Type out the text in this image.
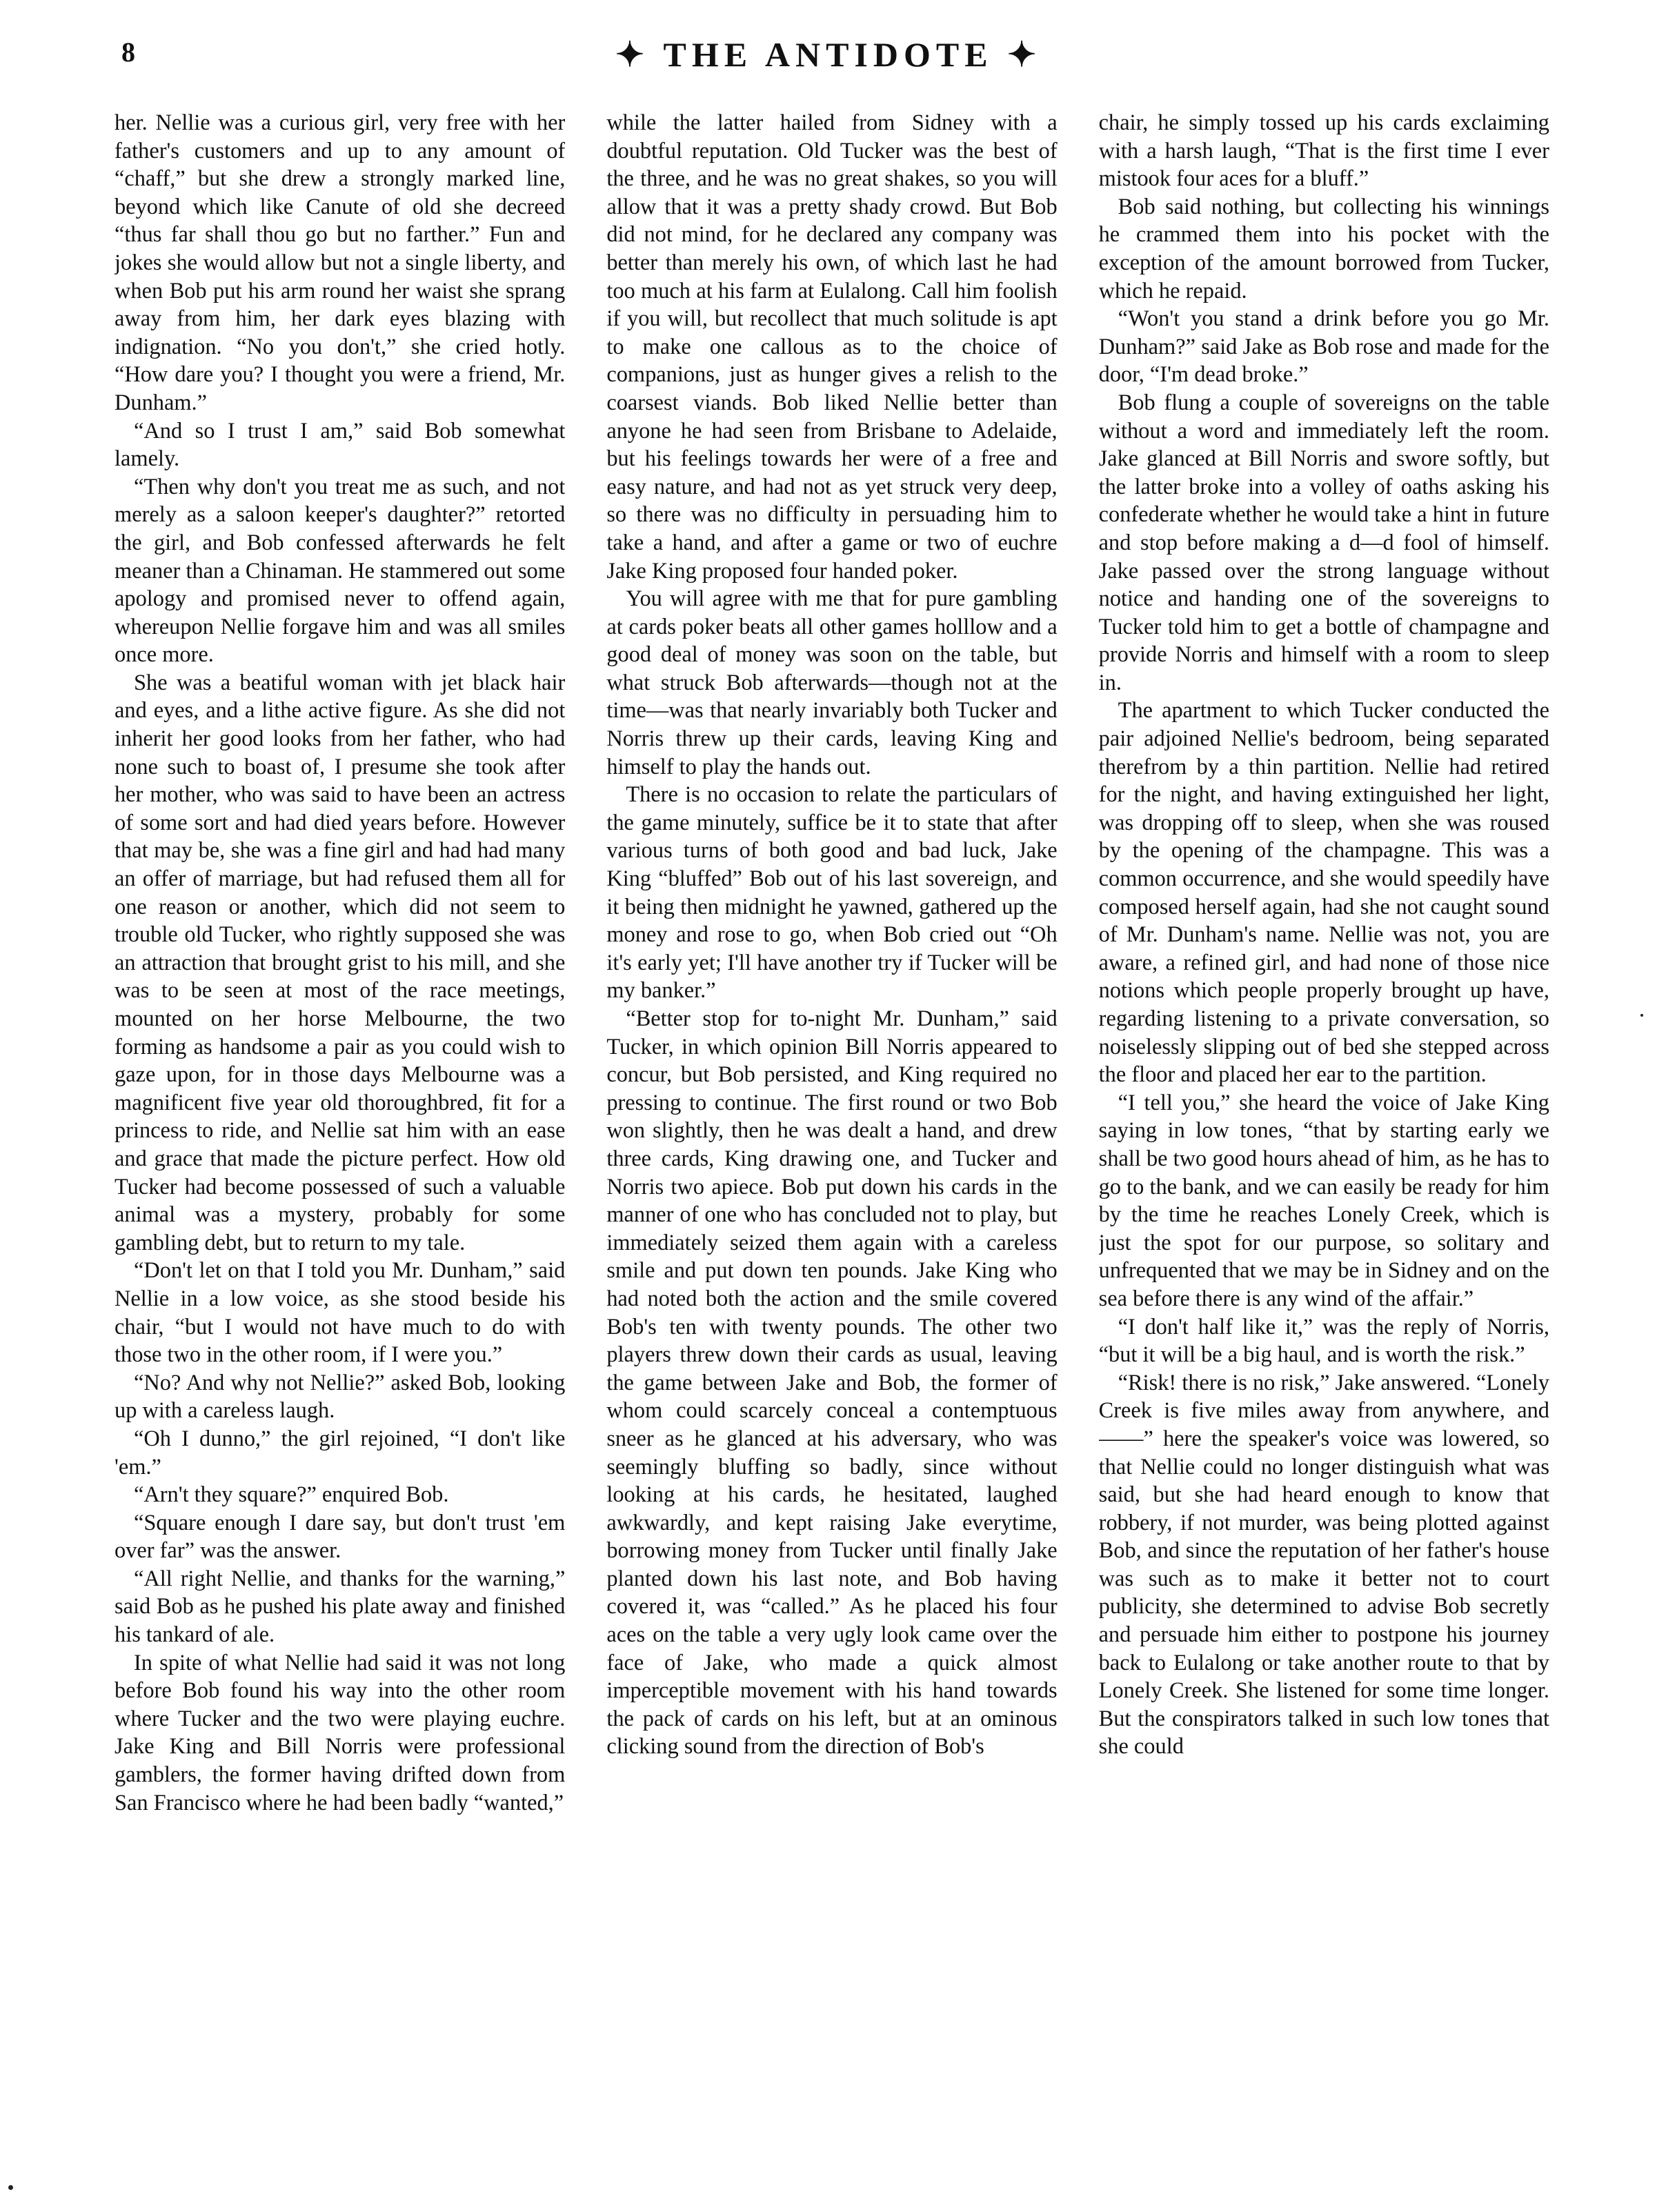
8	✦ THE ANTIDOTE ✦

her. Nellie was a curious girl, very free with her father's customers and up to any amount of “chaff,” but she drew a strongly marked line, beyond which like Canute of old she decreed “thus far shall thou go but no farther.” Fun and jokes she would allow but not a single liberty, and when Bob put his arm round her waist she sprang away from him, her dark eyes blazing with indignation. “No you don't,” she cried hotly. “How dare you? I thought you were a friend, Mr. Dunham.”

“And so I trust I am,” said Bob somewhat lamely.

“Then why don't you treat me as such, and not merely as a saloon keeper's daughter?” retorted the girl, and Bob confessed afterwards he felt meaner than a Chinaman. He stammered out some apology and promised never to offend again, whereupon Nellie forgave him and was all smiles once more.

She was a beatiful woman with jet black hair and eyes, and a lithe active figure. As she did not inherit her good looks from her father, who had none such to boast of, I presume she took after her mother, who was said to have been an actress of some sort and had died years before. However that may be, she was a fine girl and had had many an offer of marriage, but had refused them all for one reason or another, which did not seem to trouble old Tucker, who rightly supposed she was an attraction that brought grist to his mill, and she was to be seen at most of the race meetings, mounted on her horse Melbourne, the two forming as handsome a pair as you could wish to gaze upon, for in those days Melbourne was a magnificent five year old thoroughbred, fit for a princess to ride, and Nellie sat him with an ease and grace that made the picture perfect. How old Tucker had become possessed of such a valuable animal was a mystery, probably for some gambling debt, but to return to my tale.

“Don't let on that I told you Mr. Dunham,” said Nellie in a low voice, as she stood beside his chair, “but I would not have much to do with those two in the other room, if I were you.”

“No? And why not Nellie?” asked Bob, looking up with a careless laugh.

“Oh I dunno,” the girl rejoined, “I don't like 'em.”

“Arn't they square?” enquired Bob.

“Square enough I dare say, but don't trust 'em over far” was the answer.

“All right Nellie, and thanks for the warning,” said Bob as he pushed his plate away and finished his tankard of ale.

In spite of what Nellie had said it was not long before Bob found his way into the other room where Tucker and the two were playing euchre. Jake King and Bill Norris were professional gamblers, the former having drifted down from San Francisco where he had been badly “wanted,”

while the latter hailed from Sidney with a doubtful reputation. Old Tucker was the best of the three, and he was no great shakes, so you will allow that it was a pretty shady crowd. But Bob did not mind, for he declared any company was better than merely his own, of which last he had too much at his farm at Eulalong. Call him foolish if you will, but recollect that much solitude is apt to make one callous as to the choice of companions, just as hunger gives a relish to the coarsest viands. Bob liked Nellie better than anyone he had seen from Brisbane to Adelaide, but his feelings towards her were of a free and easy nature, and had not as yet struck very deep, so there was no difficulty in persuading him to take a hand, and after a game or two of euchre Jake King proposed four handed poker.

You will agree with me that for pure gambling at cards poker beats all other games holllow and a good deal of money was soon on the table, but what struck Bob afterwards—though not at the time—was that nearly invariably both Tucker and Norris threw up their cards, leaving King and himself to play the hands out.

There is no occasion to relate the particulars of the game minutely, suffice be it to state that after various turns of both good and bad luck, Jake King “bluffed” Bob out of his last sovereign, and it being then midnight he yawned, gathered up the money and rose to go, when Bob cried out “Oh it's early yet; I'll have another try if Tucker will be my banker.”

“Better stop for to-night Mr. Dunham,” said Tucker, in which opinion Bill Norris appeared to concur, but Bob persisted, and King required no pressing to continue. The first round or two Bob won slightly, then he was dealt a hand, and drew three cards, King drawing one, and Tucker and Norris two apiece. Bob put down his cards in the manner of one who has concluded not to play, but immediately seized them again with a careless smile and put down ten pounds. Jake King who had noted both the action and the smile covered Bob's ten with twenty pounds. The other two players threw down their cards as usual, leaving the game between Jake and Bob, the former of whom could scarcely conceal a contemptuous sneer as he glanced at his adversary, who was seemingly bluffing so badly, since without looking at his cards, he hesitated, laughed awkwardly, and kept raising Jake everytime, borrowing money from Tucker until finally Jake planted down his last note, and Bob having covered it, was “called.” As he placed his four aces on the table a very ugly look came over the face of Jake, who made a quick almost imperceptible movement with his hand towards the pack of cards on his left, but at an ominous clicking sound from the direction of Bob's

chair, he simply tossed up his cards exclaiming with a harsh laugh, “That is the first time I ever mistook four aces for a bluff.”

Bob said nothing, but collecting his winnings he crammed them into his pocket with the exception of the amount borrowed from Tucker, which he repaid.

“Won't you stand a drink before you go Mr. Dunham?” said Jake as Bob rose and made for the door, “I'm dead broke.”

Bob flung a couple of sovereigns on the table without a word and immediately left the room. Jake glanced at Bill Norris and swore softly, but the latter broke into a volley of oaths asking his confederate whether he would take a hint in future and stop before making a d—d fool of himself. Jake passed over the strong language without notice and handing one of the sovereigns to Tucker told him to get a bottle of champagne and provide Norris and himself with a room to sleep in.

The apartment to which Tucker conducted the pair adjoined Nellie's bedroom, being separated therefrom by a thin partition. Nellie had retired for the night, and having extinguished her light, was dropping off to sleep, when she was roused by the opening of the champagne. This was a common occurrence, and she would speedily have composed herself again, had she not caught sound of Mr. Dunham's name. Nellie was not, you are aware, a refined girl, and had none of those nice notions which people properly brought up have, regarding listening to a private conversation, so noiselessly slipping out of bed she stepped across the floor and placed her ear to the partition.

“I tell you,” she heard the voice of Jake King saying in low tones, “that by starting early we shall be two good hours ahead of him, as he has to go to the bank, and we can easily be ready for him by the time he reaches Lonely Creek, which is just the spot for our purpose, so solitary and unfrequented that we may be in Sidney and on the sea before there is any wind of the affair.”

“I don't half like it,” was the reply of Norris, “but it will be a big haul, and is worth the risk.”

“Risk! there is no risk,” Jake answered. “Lonely Creek is five miles away from anywhere, and ——” here the speaker's voice was lowered, so that Nellie could no longer distinguish what was said, but she had heard enough to know that robbery, if not murder, was being plotted against Bob, and since the reputation of her father's house was such as to make it better not to court publicity, she determined to advise Bob secretly and persuade him either to postpone his journey back to Eulalong or take another route to that by Lonely Creek. She listened for some time longer. But the conspirators talked in such low tones that she could
